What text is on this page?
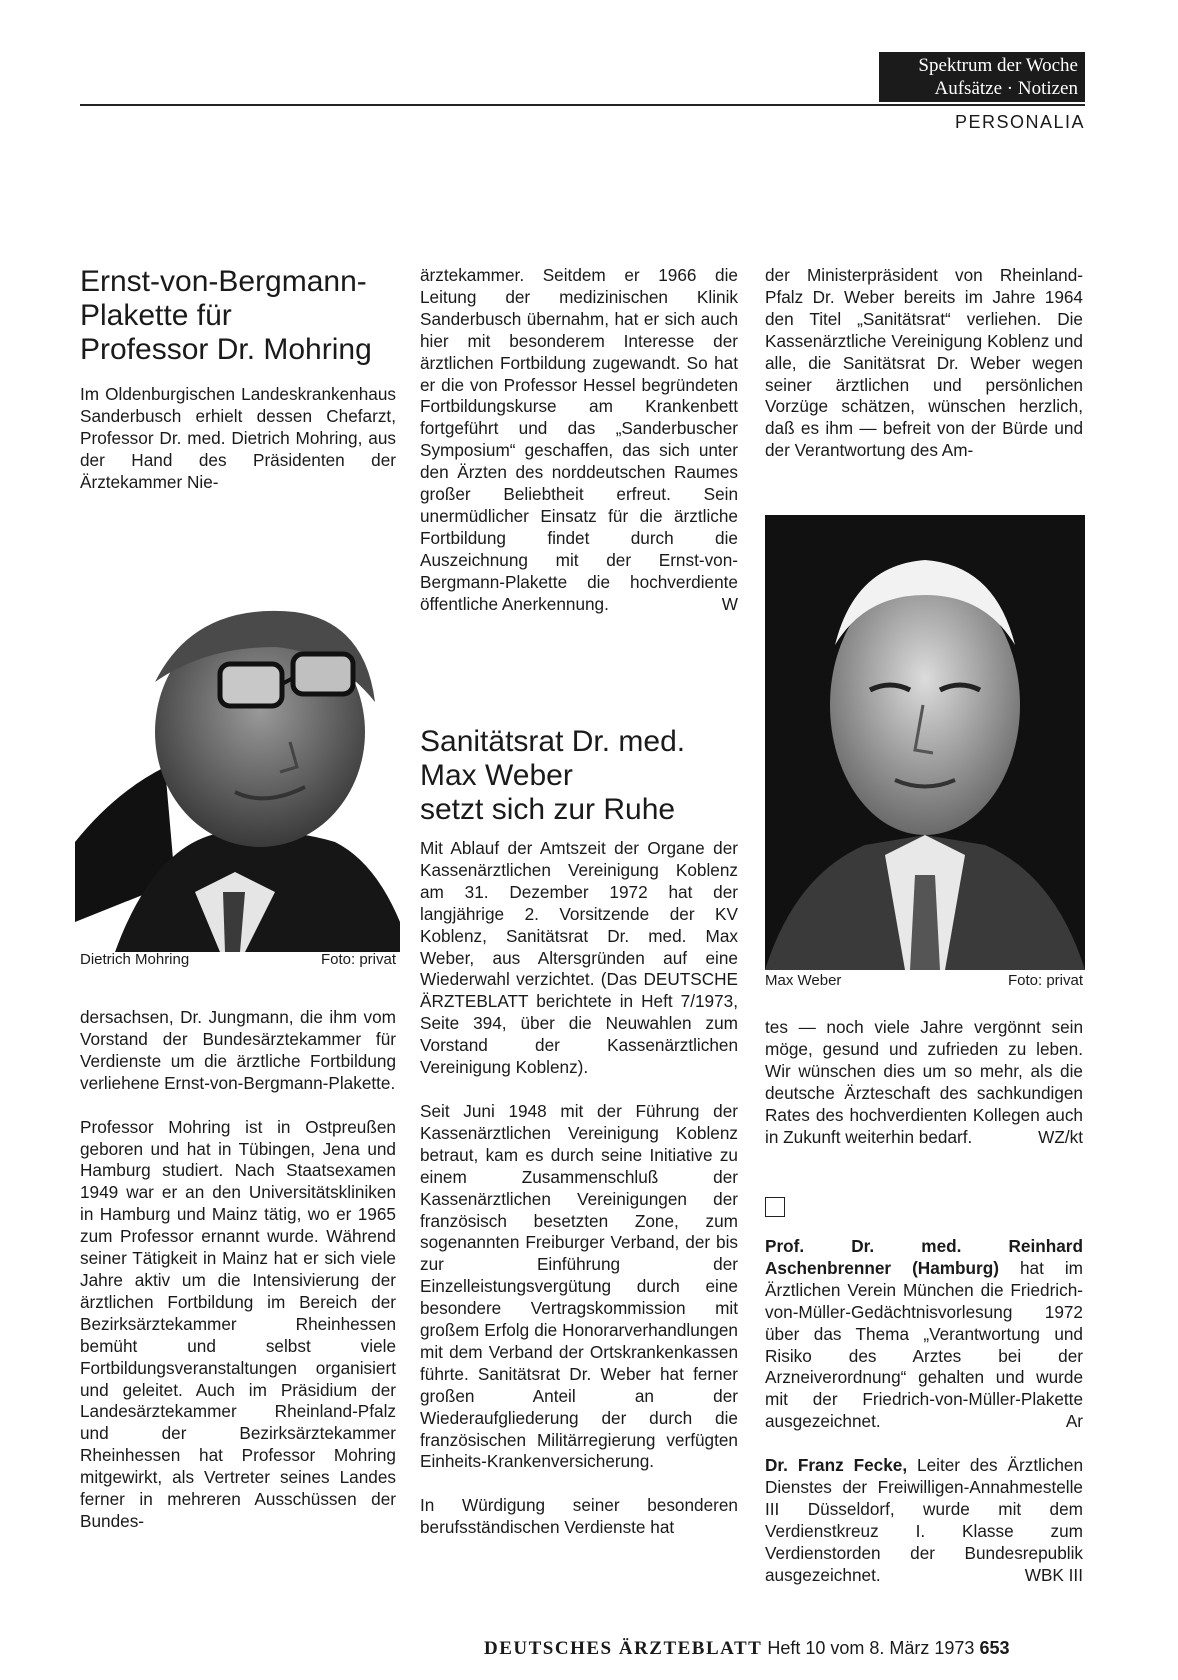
Spektrum der Woche
Aufsätze · Notizen
PERSONALIA
Ernst-von-Bergmann-
Plakette für
Professor Dr. Mohring

Im Oldenburgischen Landeskrankenhaus Sanderbusch erhielt dessen Chefarzt, Professor Dr. med. Dietrich Mohring, aus der Hand des Präsidenten der Ärztekammer Nie-

Dietrich Mohring	Foto: privat

dersachsen, Dr. Jungmann, die ihm vom Vorstand der Bundesärztekammer für Verdienste um die ärztliche Fortbildung verliehene Ernst-von-Bergmann-Plakette.

Professor Mohring ist in Ostpreußen geboren und hat in Tübingen, Jena und Hamburg studiert. Nach Staatsexamen 1949 war er an den Universitätskliniken in Hamburg und Mainz tätig, wo er 1965 zum Professor ernannt wurde. Während seiner Tätigkeit in Mainz hat er sich viele Jahre aktiv um die Intensivierung der ärztlichen Fortbildung im Bereich der Bezirksärztekammer Rheinhessen bemüht und selbst viele Fortbildungsveranstaltungen organisiert und geleitet. Auch im Präsidium der Landesärztekammer Rheinland-Pfalz und der Bezirksärztekammer Rheinhessen hat Professor Mohring mitgewirkt, als Vertreter seines Landes ferner in mehreren Ausschüssen der Bundes-

ärztekammer. Seitdem er 1966 die Leitung der medizinischen Klinik Sanderbusch übernahm, hat er sich auch hier mit besonderem Interesse der ärztlichen Fortbildung zugewandt. So hat er die von Professor Hessel begründeten Fortbildungskurse am Krankenbett fortgeführt und das „Sanderbuscher Symposium“ geschaffen, das sich unter den Ärzten des norddeutschen Raumes großer Beliebtheit erfreut. Sein unermüdlicher Einsatz für die ärztliche Fortbildung findet durch die Auszeichnung mit der Ernst-von-Bergmann-Plakette die hochverdiente öffentliche Anerkennung.	W

Sanitätsrat Dr. med.
Max Weber
setzt sich zur Ruhe

Mit Ablauf der Amtszeit der Organe der Kassenärztlichen Vereinigung Koblenz am 31. Dezember 1972 hat der langjährige 2. Vorsitzende der KV Koblenz, Sanitätsrat Dr. med. Max Weber, aus Altersgründen auf eine Wiederwahl verzichtet. (Das DEUTSCHE ÄRZTEBLATT berichtete in Heft 7/1973, Seite 394, über die Neuwahlen zum Vorstand der Kassenärztlichen Vereinigung Koblenz).

Seit Juni 1948 mit der Führung der Kassenärztlichen Vereinigung Koblenz betraut, kam es durch seine Initiative zu einem Zusammenschluß der Kassenärztlichen Vereinigungen der französisch besetzten Zone, zum sogenannten Freiburger Verband, der bis zur Einführung der Einzelleistungsvergütung durch eine besondere Vertragskommission mit großem Erfolg die Honorarverhandlungen mit dem Verband der Ortskrankenkassen führte. Sanitätsrat Dr. Weber hat ferner großen Anteil an der Wiederaufgliederung der durch die französischen Militärregierung verfügten Einheits-Krankenversicherung.

In Würdigung seiner besonderen berufsständischen Verdienste hat

der Ministerpräsident von Rheinland-Pfalz Dr. Weber bereits im Jahre 1964 den Titel „Sanitätsrat“ verliehen. Die Kassenärztliche Vereinigung Koblenz und alle, die Sanitätsrat Dr. Weber wegen seiner ärztlichen und persönlichen Vorzüge schätzen, wünschen herzlich, daß es ihm — befreit von der Bürde und der Verantwortung des Am-

Max Weber	Foto: privat

tes — noch viele Jahre vergönnt sein möge, gesund und zufrieden zu leben. Wir wünschen dies um so mehr, als die deutsche Ärzteschaft des sachkundigen Rates des hochverdienten Kollegen auch in Zukunft weiterhin bedarf.	WZ/kt

Prof. Dr. med. Reinhard Aschenbrenner (Hamburg) hat im Ärztlichen Verein München die Friedrich-von-Müller-Gedächtnisvorlesung 1972 über das Thema „Verantwortung und Risiko des Arztes bei der Arzneiverordnung“ gehalten und wurde mit der Friedrich-von-Müller-Plakette ausgezeichnet.	Ar

Dr. Franz Fecke, Leiter des Ärztlichen Dienstes der Freiwilligen-Annahmestelle III Düsseldorf, wurde mit dem Verdienstkreuz I. Klasse zum Verdienstorden der Bundesrepublik ausgezeichnet.	WBK III

DEUTSCHES ÄRZTEBLATT Heft 10 vom 8. März 1973 653
